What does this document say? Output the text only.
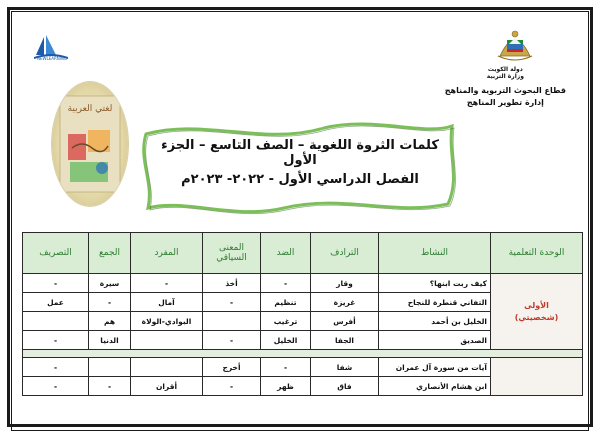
دولة الكويت
وزارة التربية
قطاع البحوث التربوية والمناهج
إدارة تطوير المناهج
NEWLEARNING
لغتي العربية
كلمات الثروة اللغوية – الصف التاسع – الجزء الأول
الفصل الدراسي الأول - ٢٠٢٢- ٢٠٢٣م
الوحدة التعلمية	النشاط	الترادف	الضد	المعنى السياقي	المفرد	الجمع	التصريف

الأولى
(شخصيتي)	كيف ربت ابنها؟	وقار	-	أخذ	-	سيرة	-
	التفاني قنطرة للنجاح	غريزة	تنظيم	-	آمال	-	عمل
	الخليل بن أحمد	أفرس	ترغيب		البوادي-الولاة	هم	
	الصديق	الجفا	الخليل	-		الدنيا	-

	آيات من سورة آل عمران	شفا	-	أخرج			-
	ابن هشام الأنصاري	فاق	ظهر	-	أقران	-	-
